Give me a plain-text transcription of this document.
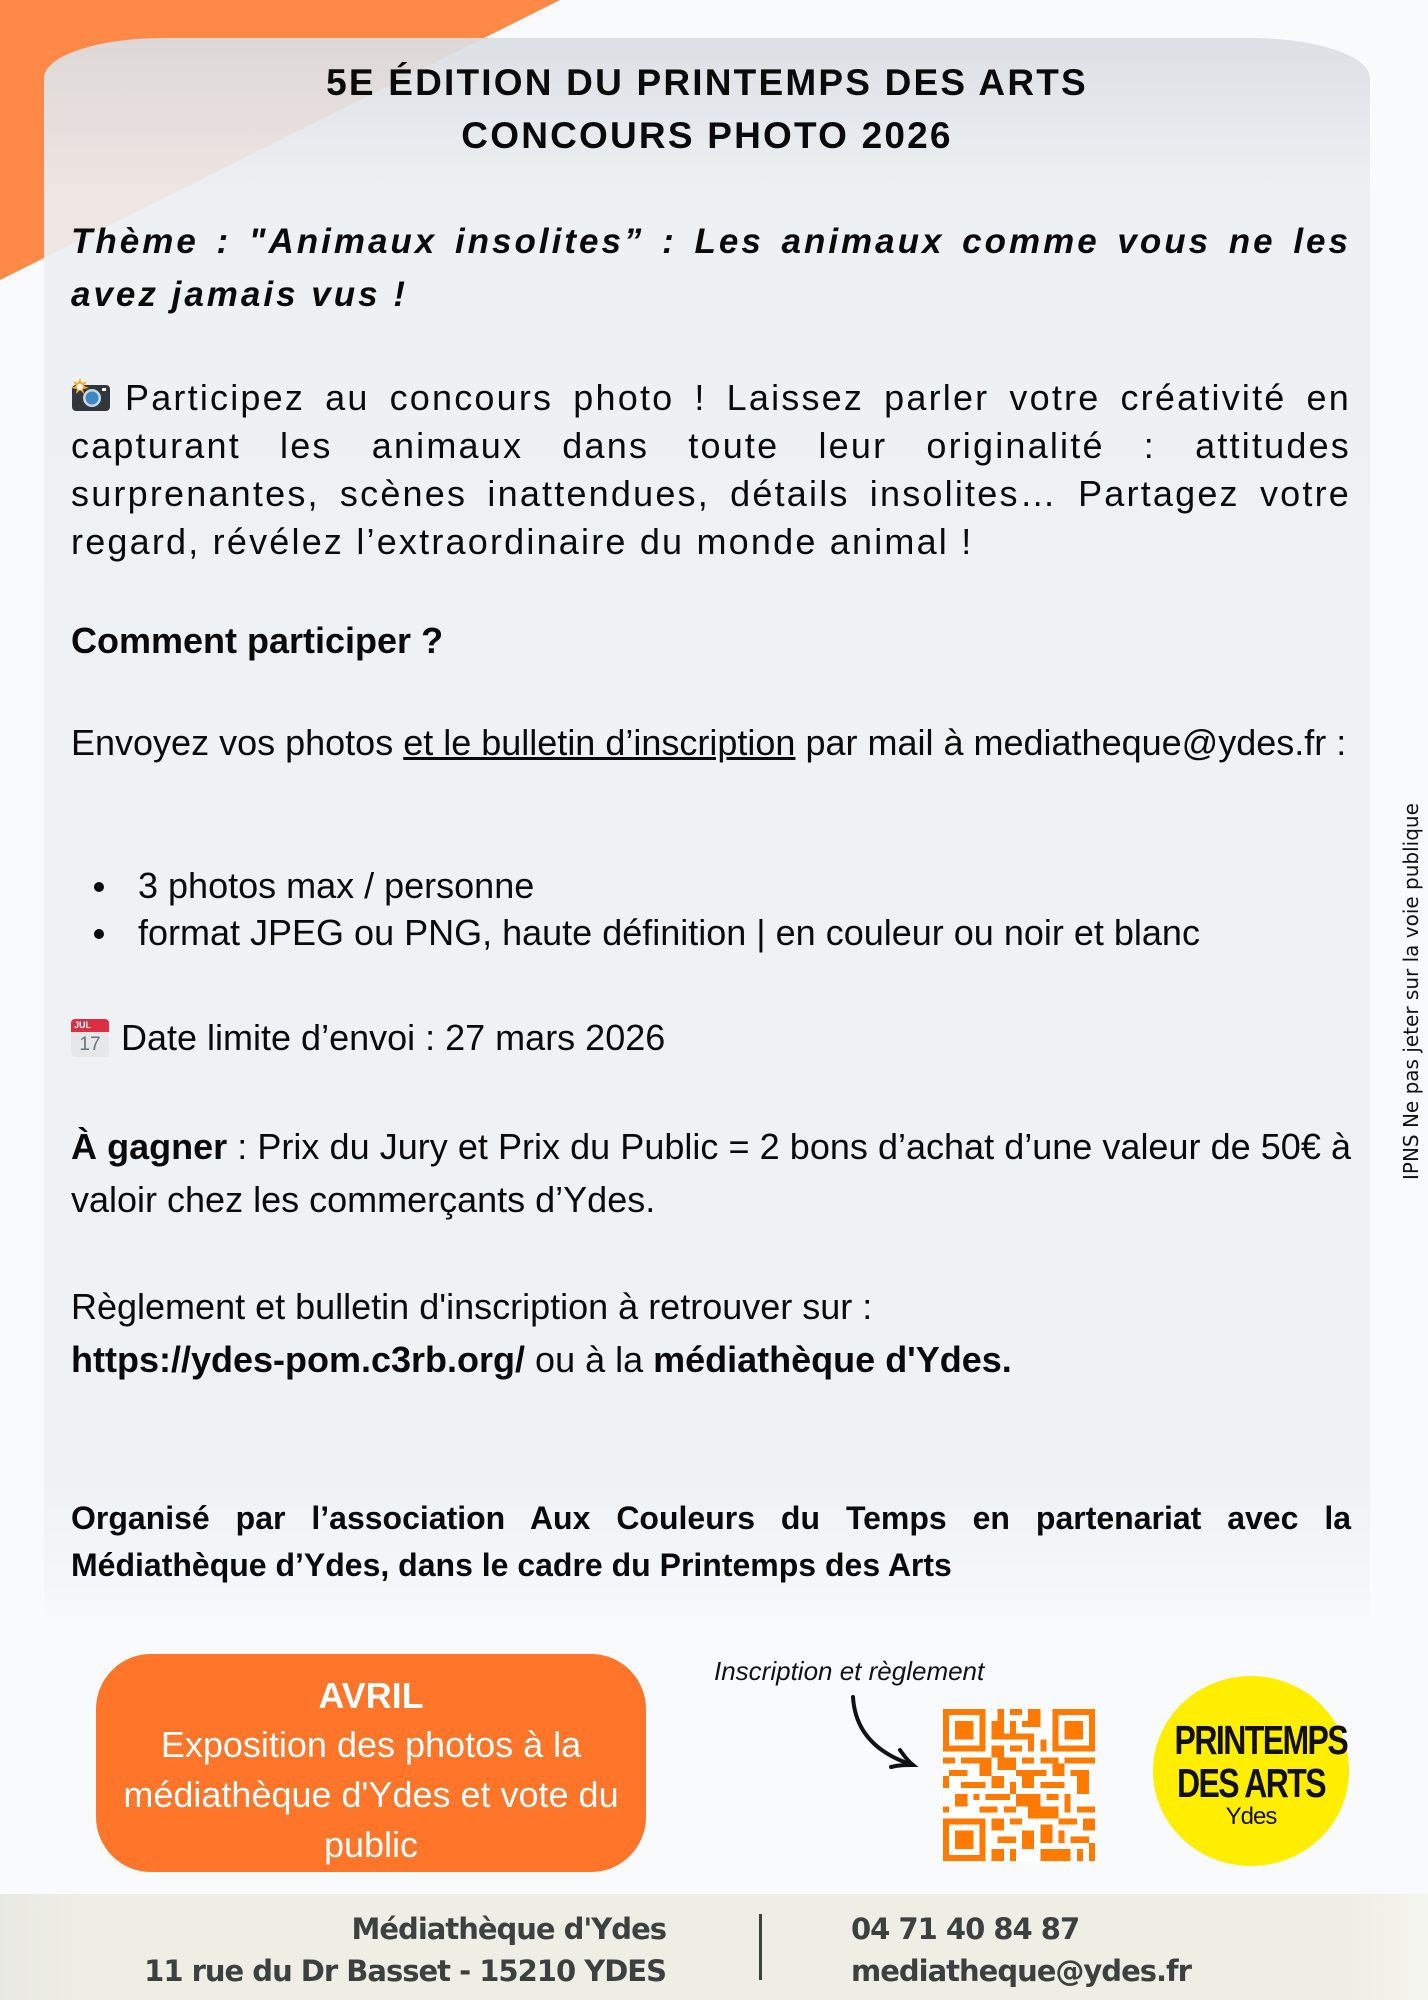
5E ÉDITION DU PRINTEMPS DES ARTS
CONCOURS PHOTO 2026
Thème : "Animaux insolites” : Les animaux comme vous ne les avez jamais vus !
Participez au concours photo ! Laissez parler votre créativité en capturant les animaux dans toute leur originalité : attitudes surprenantes, scènes inattendues, détails insolites… Partagez votre regard, révélez l’extraordinaire du monde animal !
Comment participer ?
Envoyez vos photos et le bulletin d’inscription par mail à mediatheque@ydes.fr :
3 photos max / personne
format JPEG ou PNG, haute définition | en couleur ou noir et blanc
JUL
17 Date limite d’envoi : 27 mars 2026
À gagner : Prix du Jury et Prix du Public = 2 bons d’achat d’une valeur de 50€ à valoir chez les commerçants d’Ydes.
Règlement et bulletin d'inscription à retrouver sur :
https://ydes-pom.c3rb.org/ ou à la médiathèque d'Ydes.
Organisé par l’association Aux Couleurs du Temps en partenariat avec la Médiathèque d’Ydes, dans le cadre du Printemps des Arts
IPNS Ne pas jeter sur la voie publique
AVRIL
Exposition des photos à la médiathèque d'Ydes et vote du public
Inscription et règlement
PRINTEMPS
DES ARTS
Ydes
Médiathèque d'Ydes
11 rue du Dr Basset - 15210 YDES
04 71 40 84 87
mediatheque@ydes.fr
